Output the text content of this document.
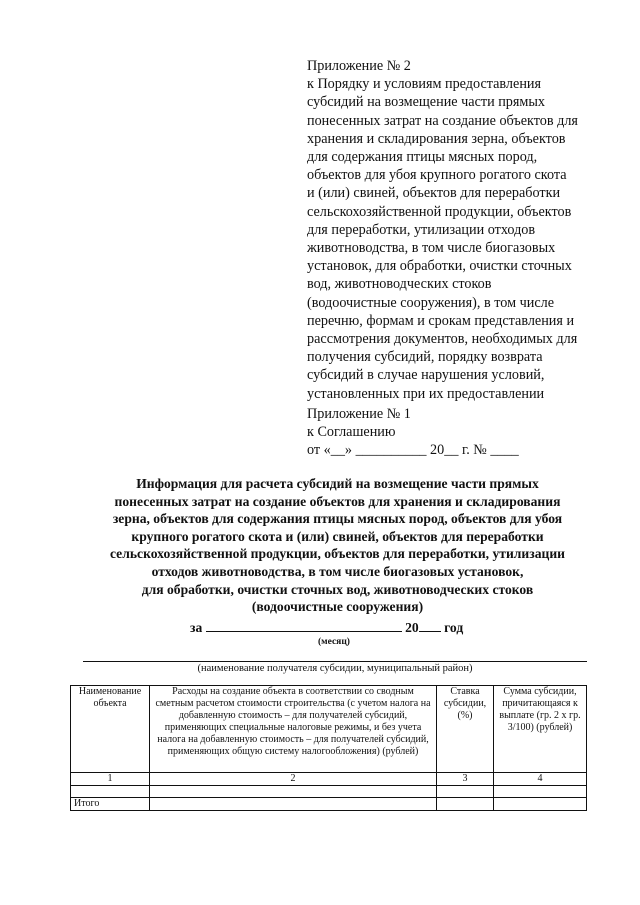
Приложение № 2
к Порядку и условиям предоставления
субсидий на возмещение части прямых
понесенных затрат на создание объектов для
хранения и складирования зерна, объектов
для содержания птицы мясных пород,
объектов для убоя крупного рогатого скота
и (или) свиней, объектов для переработки
сельскохозяйственной продукции, объектов
для переработки, утилизации отходов
животноводства, в том числе биогазовых
установок, для обработки, очистки сточных
вод, животноводческих стоков
(водоочистные сооружения), в том числе
перечню, формам и срокам представления и
рассмотрения документов, необходимых для
получения субсидий, порядку возврата
субсидий в случае нарушения условий,
установленных при их предоставлении
Приложение № 1
к Соглашению
от «__» __________ 20__ г. № ____
Информация для расчета субсидий на возмещение части прямых
понесенных затрат на создание объектов для хранения и складирования
зерна, объектов для содержания птицы мясных пород, объектов для убоя
крупного рогатого скота и (или) свиней, объектов для переработки
сельскохозяйственной продукции, объектов для переработки, утилизации
отходов животноводства, в том числе биогазовых установок,
для обработки, очистки сточных вод, животноводческих стоков
(водоочистные сооружения)
за	20 год
(месяц)
(наименование получателя субсидии, муниципальный район)
Наименование объекта	Расходы на создание объекта в соответствии со сводным сметным расчетом стоимости строительства (с учетом налога на добавленную стоимость – для получателей субсидий, применяющих специальные налоговые режимы, и без учета налога на добавленную стоимость – для получателей субсидий, применяющих общую систему налогообложения) (рублей)	Ставка субсидии, (%)	Сумма субсидии, причитающаяся к выплате (гр. 2 х гр. 3/100) (рублей)
1	2	3	4

Итого			
